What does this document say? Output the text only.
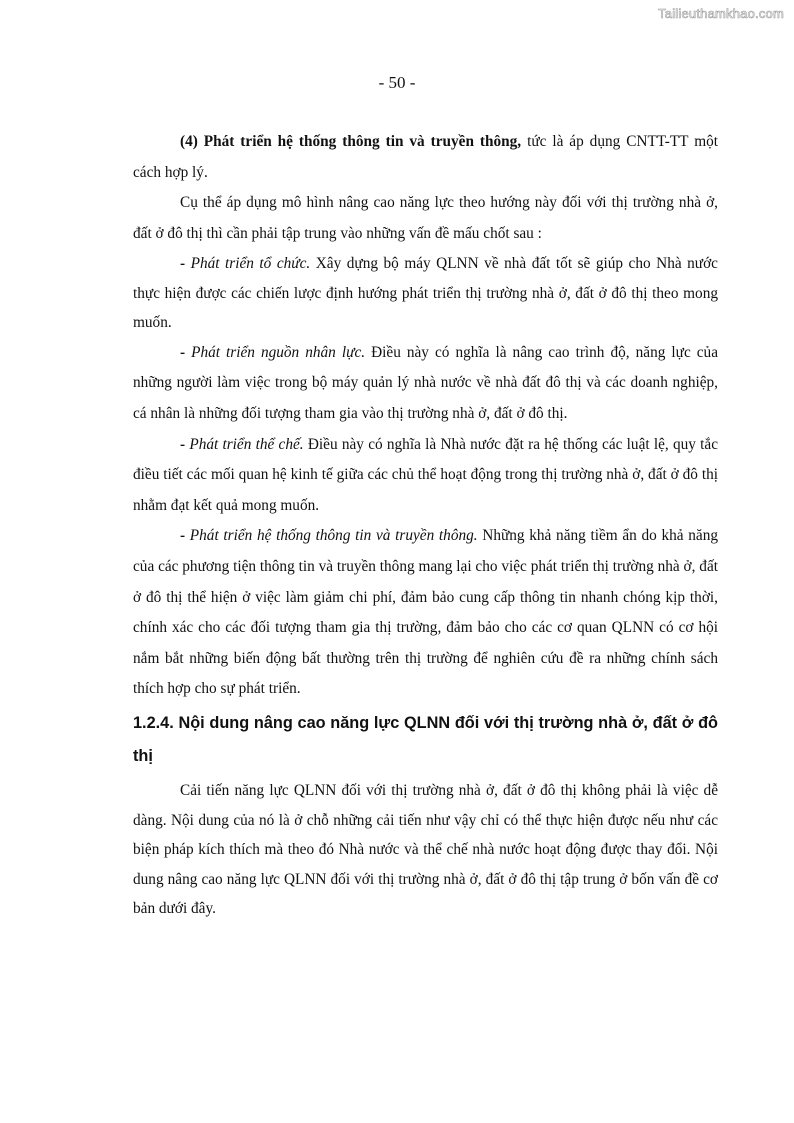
Tailieuthamkhao.com
- 50 -

(4) Phát triển hệ thống thông tin và truyền thông, tức là áp dụng CNTT-TT một cách hợp lý.

Cụ thể áp dụng mô hình nâng cao năng lực theo hướng này đối với thị trường nhà ở, đất ở đô thị thì cần phải tập trung vào những vấn đề mấu chốt sau :

- Phát triển tổ chức. Xây dựng bộ máy QLNN về nhà đất tốt sẽ giúp cho Nhà nước thực hiện được các chiến lược định hướng phát triển thị trường nhà ở, đất ở đô thị theo mong muốn.

- Phát triển nguồn nhân lực. Điều này có nghĩa là nâng cao trình độ, năng lực của những người làm việc trong bộ máy quản lý nhà nước về nhà đất đô thị và các doanh nghiệp, cá nhân là những đối tượng tham gia vào thị trường nhà ở, đất ở đô thị.

- Phát triển thể chế. Điều này có nghĩa là Nhà nước đặt ra hệ thống các luật lệ, quy tắc điều tiết các mối quan hệ kinh tế giữa các chủ thể hoạt động trong thị trường nhà ở, đất ở đô thị nhằm đạt kết quả mong muốn.

- Phát triển hệ thống thông tin và truyền thông. Những khả năng tiềm ẩn do khả năng của các phương tiện thông tin và truyền thông mang lại cho việc phát triển thị trường nhà ở, đất ở đô thị thể hiện ở việc làm giảm chi phí, đảm bảo cung cấp thông tin nhanh chóng kịp thời, chính xác cho các đối tượng tham gia thị trường, đảm bảo cho các cơ quan QLNN có cơ hội nắm bắt những biến động bất thường trên thị trường để nghiên cứu đề ra những chính sách thích hợp cho sự phát triển.

1.2.4. Nội dung nâng cao năng lực QLNN đối với thị trường nhà ở, đất ở đô thị

Cải tiến năng lực QLNN đối với thị trường nhà ở, đất ở đô thị không phải là việc dễ dàng. Nội dung của nó là ở chỗ những cải tiến như vậy chỉ có thể thực hiện được nếu như các biện pháp kích thích mà theo đó Nhà nước và thể chế nhà nước hoạt động được thay đổi. Nội dung nâng cao năng lực QLNN đối với thị trường nhà ở, đất ở đô thị tập trung ở bốn vấn đề cơ bản dưới đây.
